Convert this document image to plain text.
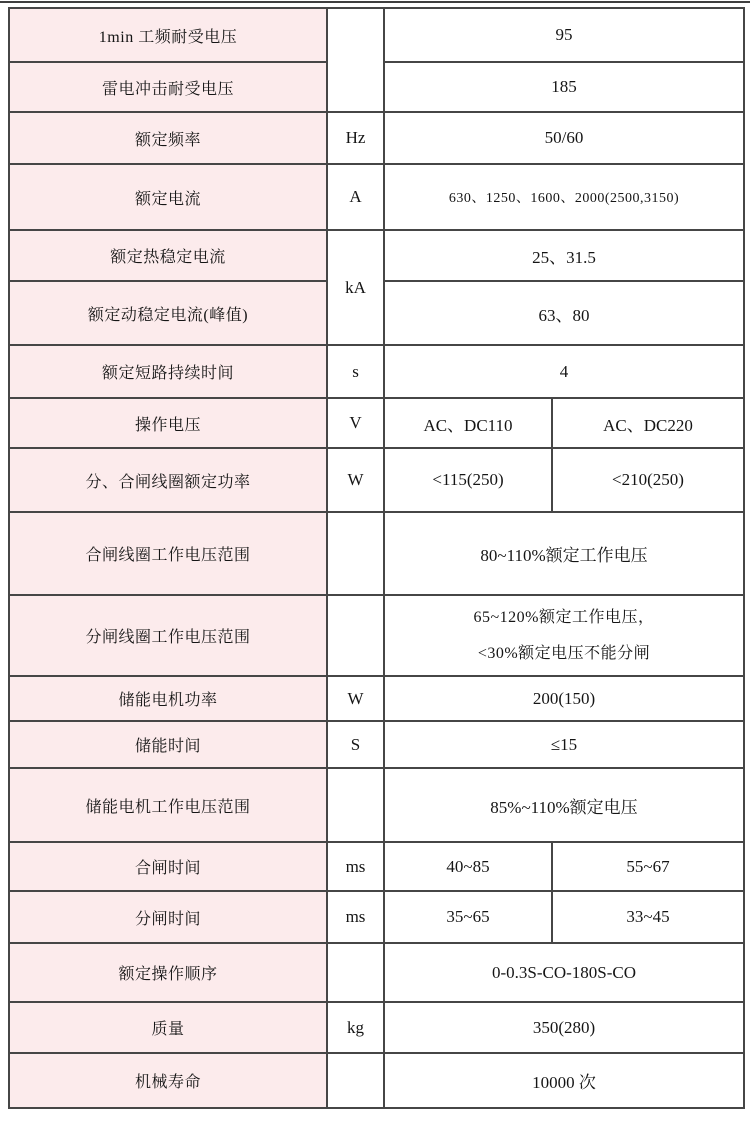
1min 工频耐受电压		95	
雷电冲击耐受电压		185	
额定频率	Hz	50/60	
额定电流	A	630、1250、1600、2000(2500,3150)	
额定热稳定电流	kA	25、31.5	
额定动稳定电流(峰值)		63、80	
额定短路持续时间	s	4	
操作电压	V	AC、DC110	AC、DC220
分、合闸线圈额定功率	W	<115(250)	<210(250)
合闸线圈工作电压范围		80~110%额定工作电压	
分闸线圈工作电压范围		65~120%额定工作电压，
<30%额定电压不能分闸	

储能电机功率	W	200(150)	
储能时间	S	≤15	
储能电机工作电压范围		85%~110%额定电压	
合闸时间	ms	40~85	55~67
分闸时间	ms	35~65	33~45
额定操作顺序		0-0.3S-CO-180S-CO	
质量	kg	350(280)	
机械寿命		10000 次	
